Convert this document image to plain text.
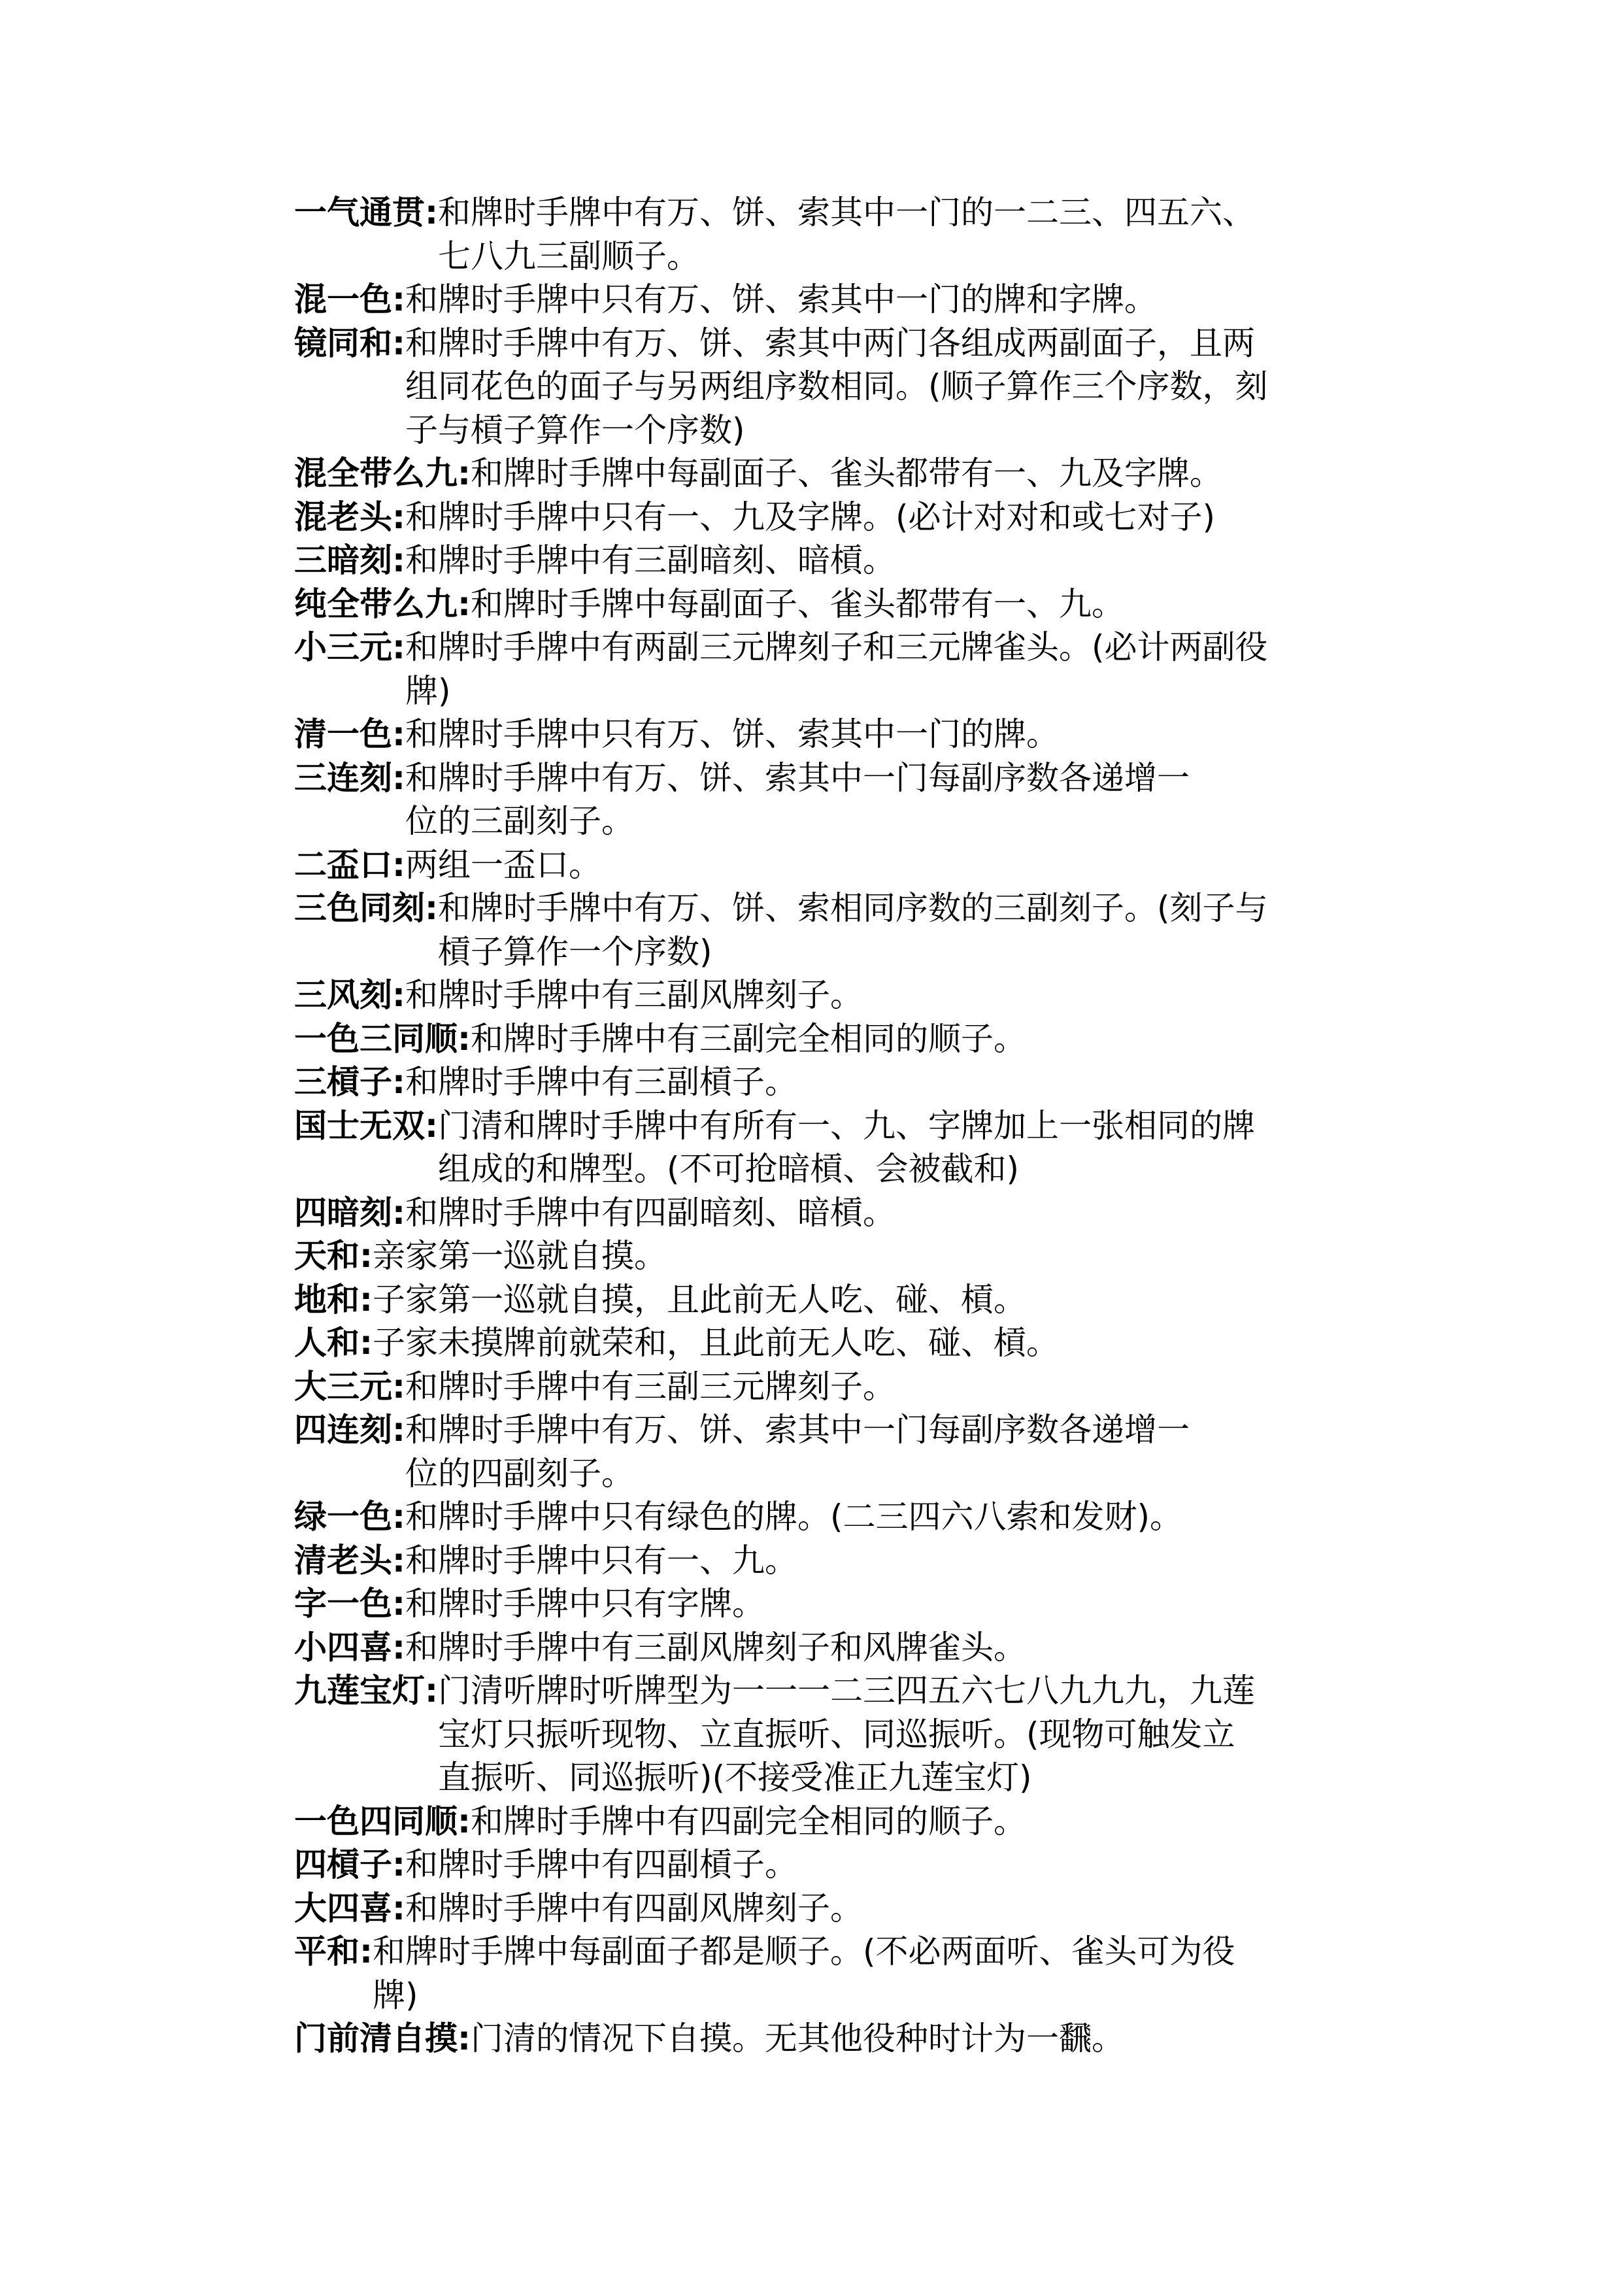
一气通贯 : 和牌时手牌中有万、饼、索其中一门的一二三、四五六、
七八九三副顺子。
混一色 : 和牌时手牌中只有万、饼、索其中一门的牌和字牌。
镜同和 : 和牌时手牌中有万、饼、索其中两门各组成两副面子，且两
组同花色的面子与另两组序数相同。(顺子算作三个序数，刻
子与槓子算作一个序数)
混全带么九 : 和牌时手牌中每副面子、雀头都带有一、九及字牌。
混老头 : 和牌时手牌中只有一、九及字牌。(必计对对和或七对子)
三暗刻 : 和牌时手牌中有三副暗刻、暗槓。
纯全带么九 : 和牌时手牌中每副面子、雀头都带有一、九。
小三元 : 和牌时手牌中有两副三元牌刻子和三元牌雀头。(必计两副役
牌)
清一色 : 和牌时手牌中只有万、饼、索其中一门的牌。
三连刻 : 和牌时手牌中有万、饼、索其中一门每副序数各递增一
位的三副刻子。
二盃口 : 两组一盃口。
三色同刻 : 和牌时手牌中有万、饼、索相同序数的三副刻子。(刻子与
槓子算作一个序数)
三风刻 : 和牌时手牌中有三副风牌刻子。
一色三同顺 : 和牌时手牌中有三副完全相同的顺子。
三槓子 : 和牌时手牌中有三副槓子。
国士无双 : 门清和牌时手牌中有所有一、九、字牌加上一张相同的牌
组成的和牌型。(不可抢暗槓、会被截和)
四暗刻 : 和牌时手牌中有四副暗刻、暗槓。
天和 : 亲家第一巡就自摸。
地和 : 子家第一巡就自摸，且此前无人吃、碰、槓。
人和 : 子家未摸牌前就荣和，且此前无人吃、碰、槓。
大三元 : 和牌时手牌中有三副三元牌刻子。
四连刻 : 和牌时手牌中有万、饼、索其中一门每副序数各递增一
位的四副刻子。
绿一色 : 和牌时手牌中只有绿色的牌。(二三四六八索和发财)。
清老头 : 和牌时手牌中只有一、九。
字一色 : 和牌时手牌中只有字牌。
小四喜 : 和牌时手牌中有三副风牌刻子和风牌雀头。
九莲宝灯 : 门清听牌时听牌型为一一一二三四五六七八九九九，九莲
宝灯只振听现物、立直振听、同巡振听。(现物可触发立
直振听、同巡振听)(不接受准正九莲宝灯)
一色四同顺 : 和牌时手牌中有四副完全相同的顺子。
四槓子 : 和牌时手牌中有四副槓子。
大四喜 : 和牌时手牌中有四副风牌刻子。
平和 : 和牌时手牌中每副面子都是顺子。(不必两面听、雀头可为役
牌)
门前清自摸 : 门清的情况下自摸。无其他役种时计为一飜。
